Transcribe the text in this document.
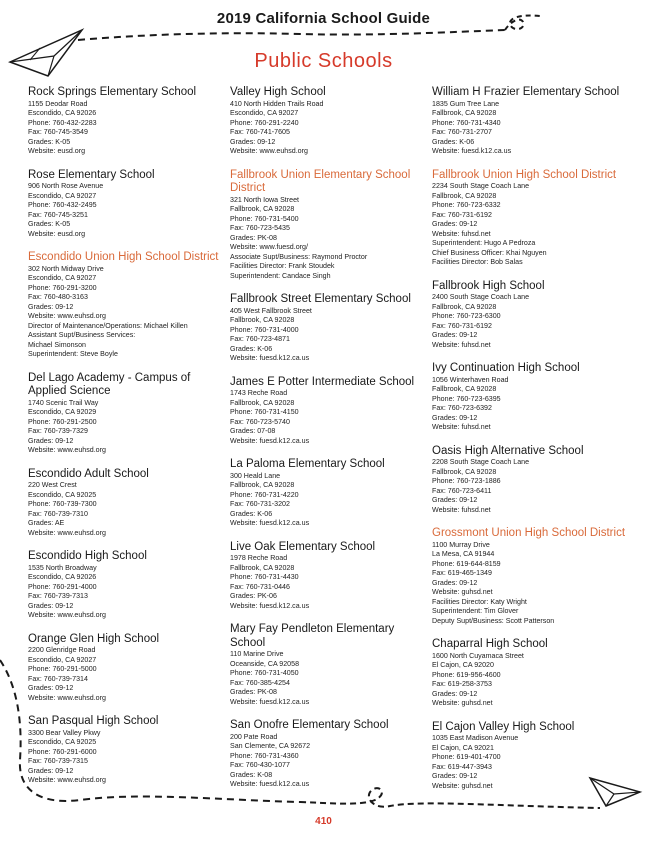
2019 California School Guide
Public Schools
Rock Springs Elementary School
1155 Deodar Road
Escondido, CA 92026
Phone: 760-432-2283
Fax: 760-745-3549
Grades: K-05
Website: eusd.org
Rose Elementary School
906 North Rose Avenue
Escondido, CA 92027
Phone: 760-432-2495
Fax: 760-745-3251
Grades: K-05
Website: eusd.org
Escondido Union High School District
302 North Midway Drive
Escondido, CA 92027
Phone: 760-291-3200
Fax: 760-480-3163
Grades: 09-12
Website: www.euhsd.org
Director of Maintenance/Operations: Michael Killen
Assistant Supt/Business Services:
Michael Simonson
Superintendent: Steve Boyle
Del Lago Academy - Campus of Applied Science
1740 Scenic Trail Way
Escondido, CA 92029
Phone: 760-291-2500
Fax: 760-739-7329
Grades: 09-12
Website: www.euhsd.org
Escondido Adult School
220 West Crest
Escondido, CA 92025
Phone: 760-739-7300
Fax: 760-739-7310
Grades: AE
Website: www.euhsd.org
Escondido High School
1535 North Broadway
Escondido, CA 92026
Phone: 760-291-4000
Fax: 760-739-7313
Grades: 09-12
Website: www.euhsd.org
Orange Glen High School
2200 Glenridge Road
Escondido, CA 92027
Phone: 760-291-5000
Fax: 760-739-7314
Grades: 09-12
Website: www.euhsd.org
San Pasqual High School
3300 Bear Valley Pkwy
Escondido, CA 92025
Phone: 760-291-6000
Fax: 760-739-7315
Grades: 09-12
Website: www.euhsd.org
Valley High School
410 North Hidden Trails Road
Escondido, CA 92027
Phone: 760-291-2240
Fax: 760-741-7605
Grades: 09-12
Website: www.euhsd.org
Fallbrook Union Elementary School District
321 North Iowa Street
Fallbrook, CA 92028
Phone: 760-731-5400
Fax: 760-723-5435
Grades: PK-08
Website: www.fuesd.org/
Associate Supt/Business: Raymond Proctor
Facilities Director: Frank Stoudek
Superintendent: Candace Singh
Fallbrook Street Elementary School
405 West Fallbrook Street
Fallbrook, CA 92028
Phone: 760-731-4000
Fax: 760-723-4871
Grades: K-06
Website: fuesd.k12.ca.us
James E Potter Intermediate School
1743 Reche Road
Fallbrook, CA 92028
Phone: 760-731-4150
Fax: 760-723-5740
Grades: 07-08
Website: fuesd.k12.ca.us
La Paloma Elementary School
300 Heald Lane
Fallbrook, CA 92028
Phone: 760-731-4220
Fax: 760-731-3202
Grades: K-06
Website: fuesd.k12.ca.us
Live Oak Elementary School
1978 Reche Road
Fallbrook, CA 92028
Phone: 760-731-4430
Fax: 760-731-0446
Grades: PK-06
Website: fuesd.k12.ca.us
Mary Fay Pendleton Elementary School
110 Marine Drive
Oceanside, CA 92058
Phone: 760-731-4050
Fax: 760-385-4254
Grades: PK-08
Website: fuesd.k12.ca.us
San Onofre Elementary School
200 Pate Road
San Clemente, CA 92672
Phone: 760-731-4360
Fax: 760-430-1077
Grades: K-08
Website: fuesd.k12.ca.us
William H Frazier Elementary School
1835 Gum Tree Lane
Fallbrook, CA 92028
Phone: 760-731-4340
Fax: 760-731-2707
Grades: K-06
Website: fuesd.k12.ca.us
Fallbrook Union High School District
2234 South Stage Coach Lane
Fallbrook, CA 92028
Phone: 760-723-6332
Fax: 760-731-6192
Grades: 09-12
Website: fuhsd.net
Superintendent: Hugo A Pedroza
Chief Business Officer: Khai Nguyen
Facilities Director: Bob Salas
Fallbrook High School
2400 South Stage Coach Lane
Fallbrook, CA 92028
Phone: 760-723-6300
Fax: 760-731-6192
Grades: 09-12
Website: fuhsd.net
Ivy Continuation High School
1056 Winterhaven Road
Fallbrook, CA 92028
Phone: 760-723-6395
Fax: 760-723-6392
Grades: 09-12
Website: fuhsd.net
Oasis High Alternative School
2208 South Stage Coach Lane
Fallbrook, CA 92028
Phone: 760-723-1886
Fax: 760-723-6411
Grades: 09-12
Website: fuhsd.net
Grossmont Union High School District
1100 Murray Drive
La Mesa, CA 91944
Phone: 619-644-8159
Fax: 619-465-1349
Grades: 09-12
Website: guhsd.net
Facilities Director: Katy Wright
Superintendent: Tim Glover
Deputy Supt/Business: Scott Patterson
Chaparral High School
1600 North Cuyamaca Street
El Cajon, CA 92020
Phone: 619-956-4600
Fax: 619-258-3753
Grades: 09-12
Website: guhsd.net
El Cajon Valley High School
1035 East Madison Avenue
El Cajon, CA 92021
Phone: 619-401-4700
Fax: 619-447-3943
Grades: 09-12
Website: guhsd.net
410
